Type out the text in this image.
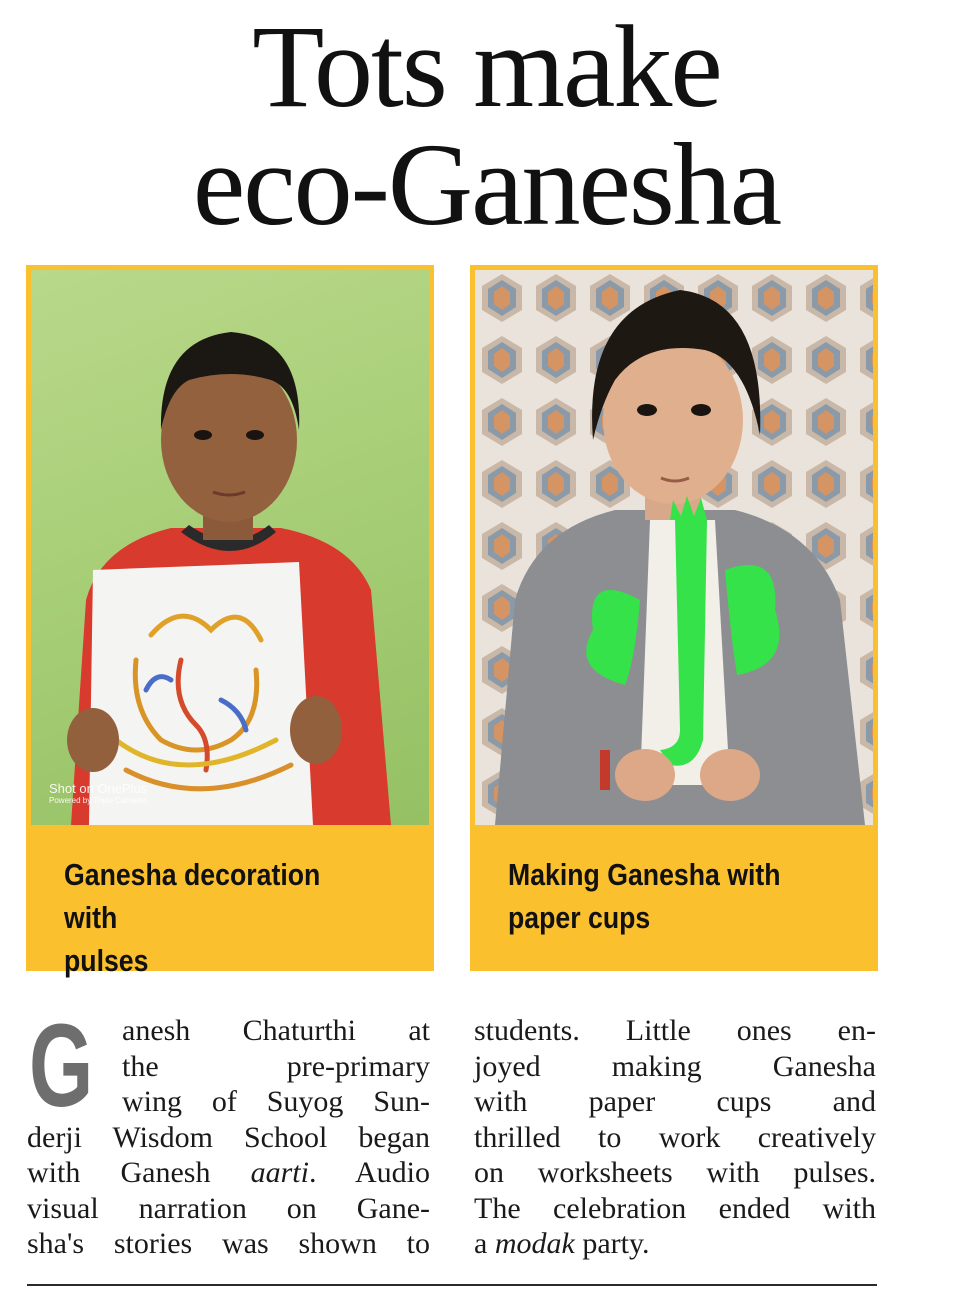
Tots make
eco-Ganesha
Shot on OnePlus
Powered by Triple Cameras
Ganesha decoration with
pulses
Making Ganesha with
paper cups
G anesh Chaturthi at
the pre-primary
wing of Suyog Sun-
derji Wisdom School began
with Ganesh aarti. Audio
visual narration on Gane-
sha's stories was shown to
students. Little ones en-
joyed making Ganesha
with paper cups and
thrilled to work creatively
on worksheets with pulses.
The celebration ended with
a modak party.
